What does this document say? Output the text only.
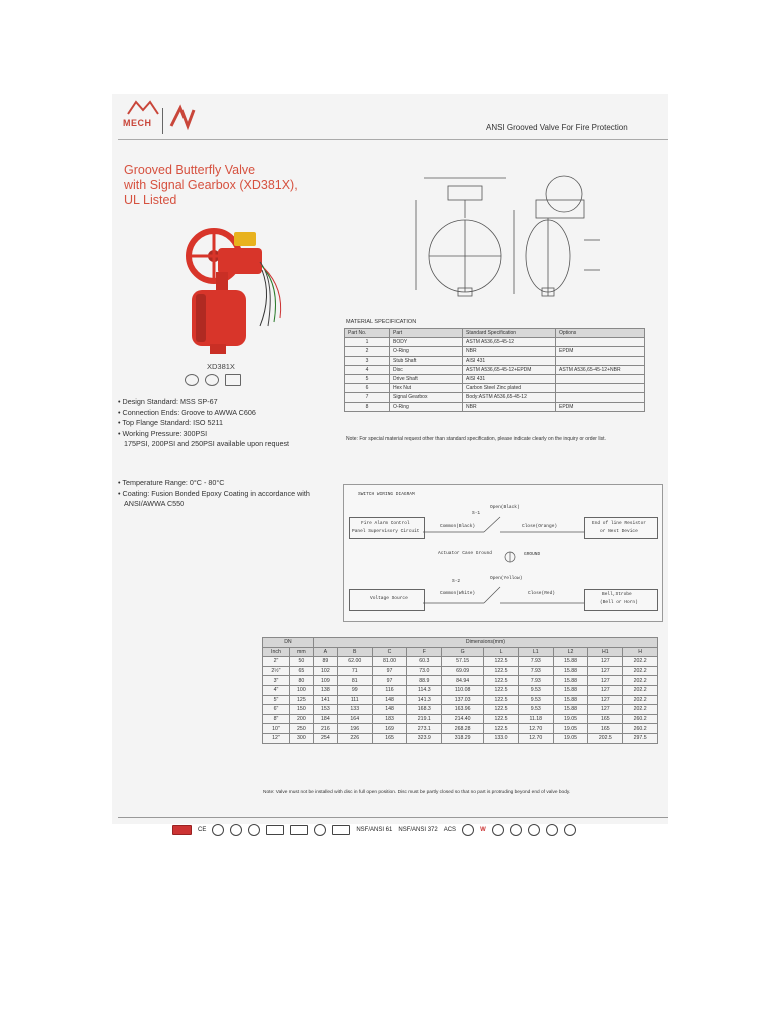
MECH	ANSI Grooved Valve For Fire Protection
Grooved Butterfly Valve
with Signal Gearbox (XD381X),
UL Listed
XD381X
• Design Standard: MSS SP-67
• Connection Ends: Groove to AWWA C606
• Top Flange Standard: ISO 5211
• Working Pressure: 300PSI
175PSI, 200PSI and 250PSI available upon request
• Temperature Range: 0°C - 80°C
• Coating: Fusion Bonded Epoxy Coating in accordance with
ANSI/AWWA C550
MATERIAL SPECIFICATION
Part No.	Part	Standard Specification	Options
1	BODY	ASTM A536,65-45-12	
2	O-Ring	NBR	EPDM
3	Stub Shaft	AISI 431	
4	Disc	ASTM A536,65-45-12+EPDM	ASTM A536,65-45-12+NBR
5	Drive Shaft	AISI 431	
6	Hex Nut	Carbon Steel Zinc plated	
7	Signal Gearbox	Body:ASTM A536,65-45-12	
8	O-Ring	NBR	EPDM
Note: For special material request other than standard specification, please indicate clearly on the inquiry or order list.
SWITCH WIRING DIAGRAM
Fire Alarm Control
Panel Supervisory Circuit
S-1
Open(Black)
Common(Black)	Close(Orange)
End of line Resistor
or Next Device
Actuator Case Ground	GROUND
S-2
Open(Yellow)
Voltage Source
Common(White)	Close(Red)	Bell,Strobe
(Bell or Horn)
DN		Dimensions(mm)									
Inch	mm	A	B	C	F	G	L	L1	L2	H1	H
2"	50	89	62.00	81.00	60.3	57.15	122.5	7.93	15.88	127	202.2
2½"	65	102	71	97	73.0	69.09	122.5	7.93	15.88	127	202.2
3"	80	109	81	97	88.9	84.94	122.5	7.93	15.88	127	202.2
4"	100	138	99	116	114.3	110.08	122.5	9.53	15.88	127	202.2
5"	125	141	111	148	141.3	137.03	122.5	9.53	15.88	127	202.2
6"	150	153	133	148	168.3	163.96	122.5	9.53	15.88	127	202.2
8"	200	184	164	183	219.1	214.40	122.5	11.18	19.05	165	260.2
10"	250	216	196	169	273.1	268.28	122.5	12.70	19.05	165	260.2
12"	300	254	226	165	323.9	318.29	133.0	12.70	19.05	202.5	297.5
Note: Valve must not be installed with disc in full open position. Disc must be partly closed so that no part is protruding beyond end of valve body.
CE	NSF/ANSI 61 NSF/ANSI 372 ACS	W
